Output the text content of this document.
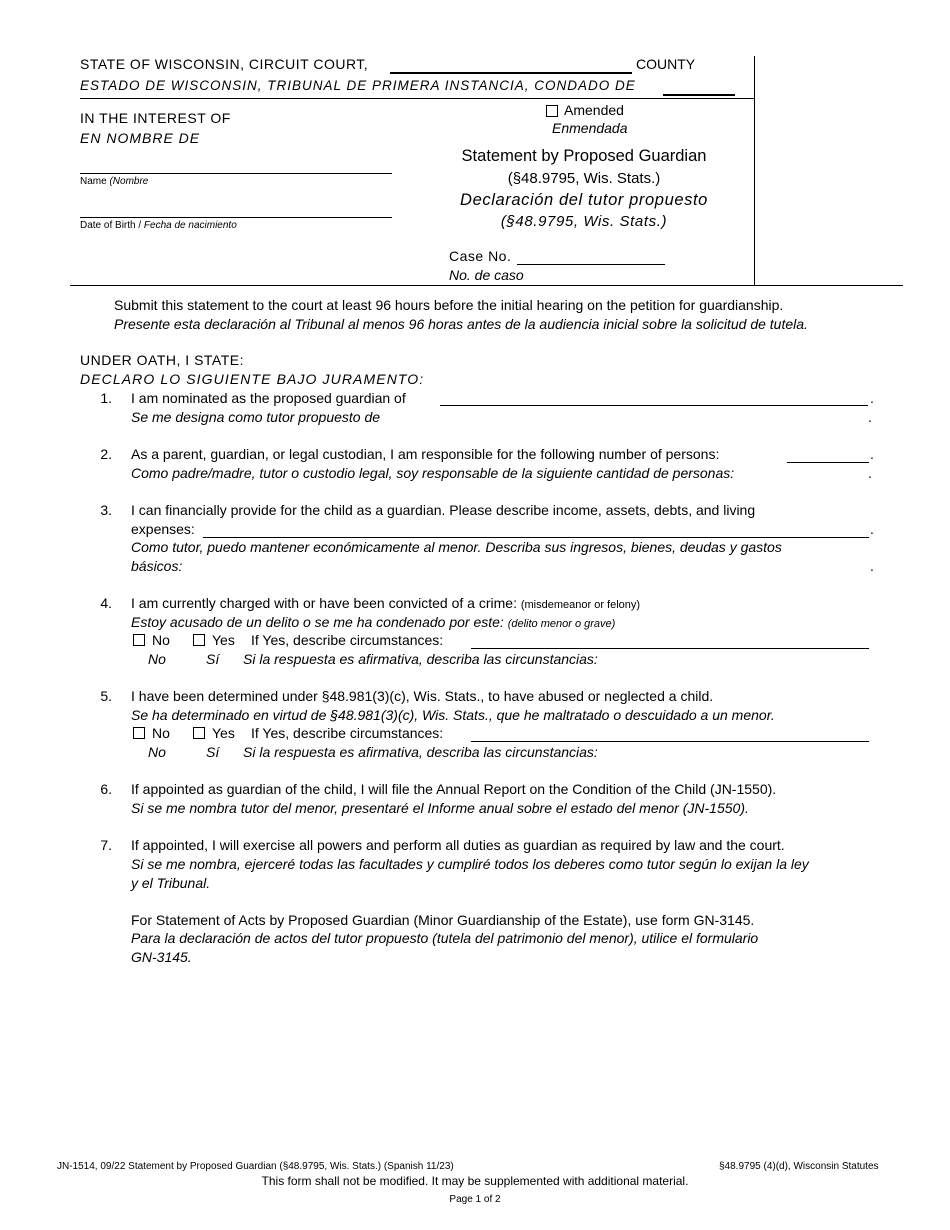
STATE OF WISCONSIN, CIRCUIT COURT,	COUNTY
ESTADO DE WISCONSIN, TRIBUNAL DE PRIMERA INSTANCIA, CONDADO DE
IN THE INTEREST OF
EN NOMBRE DE
Name (Nombre
Date of Birth / Fecha de nacimiento
Amended
Enmendada
Statement by Proposed Guardian
(§48.9795, Wis. Stats.)
Declaración del tutor propuesto
(§48.9795, Wis. Stats.)
Case No.
No. de caso
Submit this statement to the court at least 96 hours before the initial hearing on the petition for guardianship.
Presente esta declaración al Tribunal al menos 96 horas antes de la audiencia inicial sobre la solicitud de tutela.
UNDER OATH, I STATE:
DECLARO LO SIGUIENTE BAJO JURAMENTO:
1. I am nominated as the proposed guardian of	.
Se me designa como tutor propuesto de	.
2. As a parent, guardian, or legal custodian, I am responsible for the following number of persons:	.
Como padre/madre, tutor o custodio legal, soy responsable de la siguiente cantidad de personas:	.
3. I can financially provide for the child as a guardian. Please describe income, assets, debts, and living
expenses:	.
Como tutor, puedo mantener económicamente al menor. Describa sus ingresos, bienes, deudas y gastos
básicos:	.
4. I am currently charged with or have been convicted of a crime: (misdemeanor or felony)
Estoy acusado de un delito o se me ha condenado por este: (delito menor o grave)
No	Yes If Yes, describe circumstances:
No	Sí Si la respuesta es afirmativa, describa las circunstancias:
5. I have been determined under §48.981(3)(c), Wis. Stats., to have abused or neglected a child.
Se ha determinado en virtud de §48.981(3)(c), Wis. Stats., que he maltratado o descuidado a un menor.
No	Yes If Yes, describe circumstances:
No	Sí Si la respuesta es afirmativa, describa las circunstancias:
6. If appointed as guardian of the child, I will file the Annual Report on the Condition of the Child (JN-1550).
Si se me nombra tutor del menor, presentaré el Informe anual sobre el estado del menor (JN-1550).
7. If appointed, I will exercise all powers and perform all duties as guardian as required by law and the court.
Si se me nombra, ejerceré todas las facultades y cumpliré todos los deberes como tutor según lo exijan la ley
y el Tribunal.
For Statement of Acts by Proposed Guardian (Minor Guardianship of the Estate), use form GN-3145.
Para la declaración de actos del tutor propuesto (tutela del patrimonio del menor), utilice el formulario
GN-3145.
JN-1514, 09/22 Statement by Proposed Guardian (§48.9795, Wis. Stats.) (Spanish 11/23)	§48.9795 (4)(d), Wisconsin Statutes
This form shall not be modified. It may be supplemented with additional material.
Page 1 of 2
